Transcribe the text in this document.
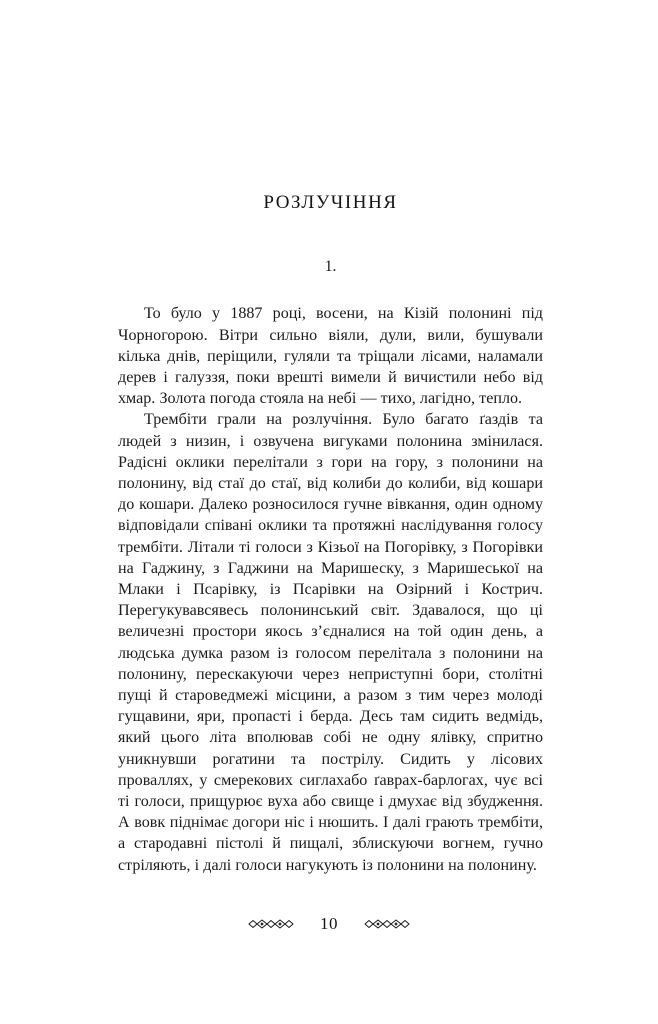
РОЗЛУЧІННЯ
1.

То було у 1887 році, восени, на Кізій полонині під Чорногорою. Вітри сильно віяли, дули, вили, бушували кілька днів, періщили, гуляли та тріщали лісами, наламали дерев і галуззя, поки врешті вимели й вичистили небо від хмар. Золота погода стояла на небі — тихо, лагідно, тепло.

Трембіти грали на розлучіння. Було багато ґаздів та людей з низин, і озвучена вигуками полонина змінилася. Радісні оклики перелітали з гори на гору, з полонини на полонину, від стаї до стаї, від колиби до колиби, від кошари до кошари. Далеко розносилося гучне вівкання, один одному відповідали співані оклики та протяжні наслідування голосу трембіти. Літали ті голоси з Кізьої на Погорівку, з Погорівки на Гаджину, з Гаджини на Маришеску, з Маришеської на Млаки і Псарівку, із Псарівки на Озірний і Кострич. Перегукувавсявесь полонинський світ. Здавалося, що ці величезні простори якось з’єдналися на той один день, а людська думка разом із голосом перелітала з полонини на полонину, перескакуючи через неприступні бори, столітні пущі й староведмежі місцини, а разом з тим через молоді гущавини, яри, пропасті і берда. Десь там сидить ведмідь, який цього літа вполював собі не одну ялівку, спритно уникнувши рогатини та пострілу. Сидить у лісових проваллях, у смерекових сиглахабо ґаврах-барлогах, чує всі ті голоси, прищурює вуха або свище і дмухає від збудження. А вовк піднімає догори ніс і нюшить. І далі грають трембіти, а стародавні пістолі й пищалі, зблискуючи вогнем, гучно стріляють, і далі голоси нагукують із полонини на полонину.

10
